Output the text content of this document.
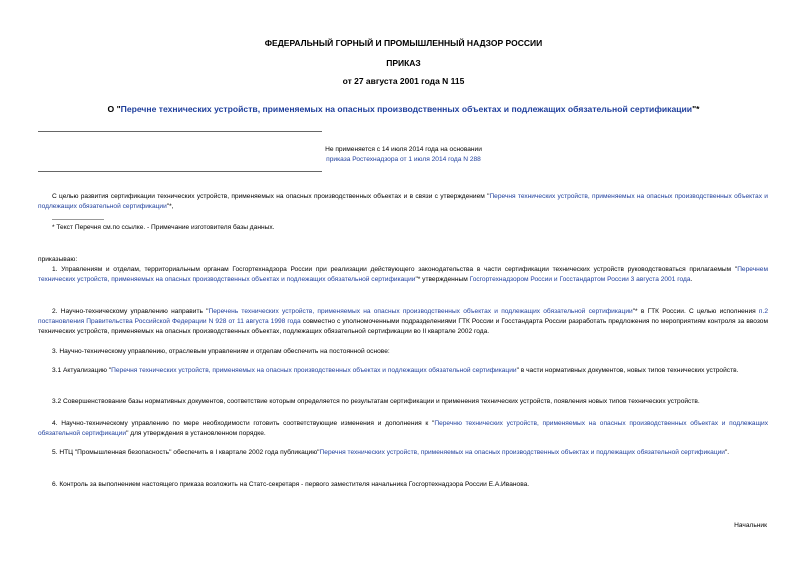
ФЕДЕРАЛЬНЫЙ ГОРНЫЙ И ПРОМЫШЛЕННЫЙ НАДЗОР РОССИИ
ПРИКАЗ
от 27 августа 2001 года N 115
О "Перечне технических устройств, применяемых на опасных производственных объектах и подлежащих обязательной сертификации"*
Не применяется с 14 июля 2014 года на основании
приказа Ростехнадзора от 1 июля 2014 года N 288
С целью развития сертификации технических устройств, применяемых на опасных производственных объектах и в связи с утверждением "Перечня технических устройств, применяемых на опасных производственных объектах и подлежащих обязательной сертификации"*,
* Текст Перечня см.по ссылке. - Примечание изготовителя базы данных.
приказываю:
1. Управлениям и отделам, территориальным органам Госгортехнадзора России при реализации действующего законодательства в части сертификации технических устройств руководствоваться прилагаемым "Перечнем технических устройств, применяемых на опасных производственных объектах и подлежащих обязательной сертификации"* утвержденным Госгортехнадзором России и Госстандартом России 3 августа 2001 года.
2. Научно-техническому управлению направить "Перечень технических устройств, применяемых на опасных производственных объектах и подлежащих обязательной сертификации"* в ГТК России. С целью исполнения п.2 постановления Правительства Российской Федерации N 928 от 11 августа 1998 года совместно с уполномоченными подразделениями ГТК России и Госстандарта России разработать предложения по мероприятиям контроля за ввозом технических устройств, применяемых на опасных производственных объектах, подлежащих обязательной сертификации во II квартале 2002 года.
3. Научно-техническому управлению, отраслевым управлениям и отделам обеспечить на постоянной основе:
3.1 Актуализацию "Перечня технических устройств, применяемых на опасных производственных объектах и подлежащих обязательной сертификации" в части нормативных документов, новых типов технических устройств.
3.2 Совершенствование базы нормативных документов, соответствие которым определяется по результатам сертификации и применения технических устройств, появления новых типов технических устройств.
4. Научно-техническому управлению по мере необходимости готовить соответствующие изменения и дополнения к "Перечню технических устройств, применяемых на опасных производственных объектах и подлежащих обязательной сертификации" для утверждения в установленном порядке.
5. НТЦ "Промышленная безопасность" обеспечить в I квартале 2002 года публикацию"Перечня технических устройств, применяемых на опасных производственных объектах и подлежащих обязательной сертификации".
6. Контроль за выполнением настоящего приказа возложить на Статс-секретаря - первого заместителя начальника Госгортехнадзора России Е.А.Иванова.
Начальник
